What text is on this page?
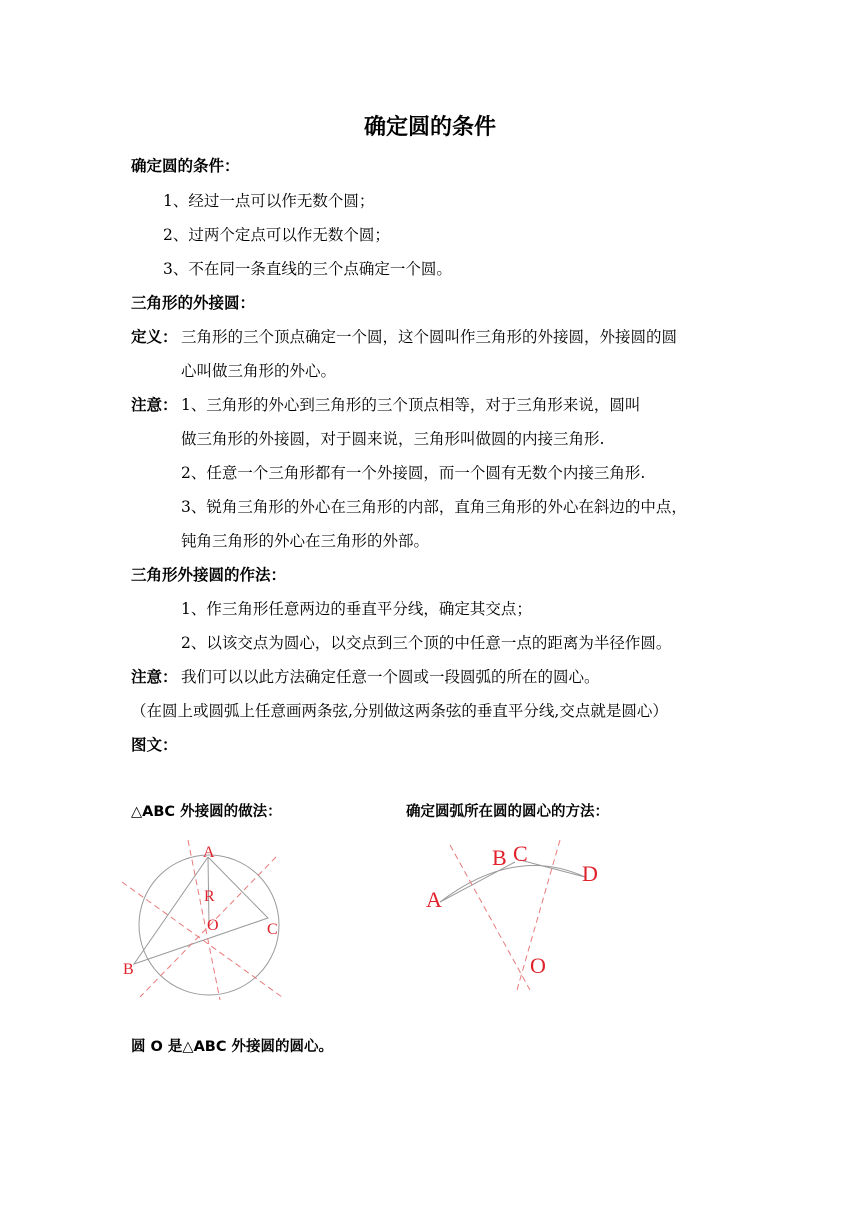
确定圆的条件
确定圆的条件：
1、经过一点可以作无数个圆；
2、过两个定点可以作无数个圆；
3、不在同一条直线的三个点确定一个圆。
三角形的外接圆：
定义： 三角形的三个顶点确定一个圆，这个圆叫作三角形的外接圆，外接圆的圆
心叫做三角形的外心。
注意： 1、三角形的外心到三角形的三个顶点相等，对于三角形来说，圆叫
做三角形的外接圆，对于圆来说，三角形叫做圆的内接三角形.
2、任意一个三角形都有一个外接圆，而一个圆有无数个内接三角形.
3、锐角三角形的外心在三角形的内部，直角三角形的外心在斜边的中点，
钝角三角形的外心在三角形的外部。
三角形外接圆的作法：
1、作三角形任意两边的垂直平分线，确定其交点；
2、以该交点为圆心，以交点到三个顶的中任意一点的距离为半径作圆。
注意： 我们可以以此方法确定任意一个圆或一段圆弧的所在的圆心。
（在圆上或圆弧上任意画两条弦,分别做这两条弦的垂直平分线,交点就是圆心）
图文：
△ABC 外接圆的做法：	确定圆弧所在圆的圆心的方法：
A
B
C
O
R	A
B C
D
O
圆 O 是△ABC 外接圆的圆心。
